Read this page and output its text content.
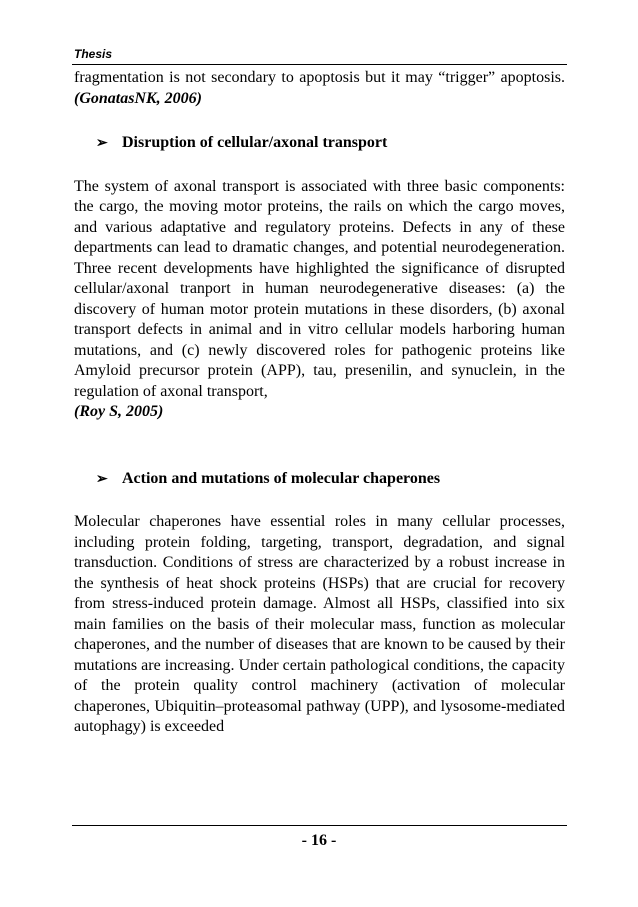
Thesis

fragmentation is not secondary to apoptosis but it may “trigger” apoptosis. (GonatasNK, 2006)

➢ Disruption of cellular/axonal transport

The system of axonal transport is associated with three basic components: the cargo, the moving motor proteins, the rails on which the cargo moves, and various adaptative and regulatory proteins. Defects in any of these departments can lead to dramatic changes, and potential neurodegeneration. Three recent developments have highlighted the significance of disrupted cellular/axonal tranport in human neurodegenerative diseases: (a) the discovery of human motor protein mutations in these disorders, (b) axonal transport defects in animal and in vitro cellular models harboring human mutations, and (c) newly discovered roles for pathogenic proteins like Amyloid precursor protein (APP), tau, presenilin, and synuclein, in the regulation of axonal transport,

(Roy S, 2005)

➢ Action and mutations of molecular chaperones

Molecular chaperones have essential roles in many cellular processes, including protein folding, targeting, transport, degradation, and signal transduction. Conditions of stress are characterized by a robust increase in the synthesis of heat shock proteins (HSPs) that are crucial for recovery from stress-induced protein damage. Almost all HSPs, classified into six main families on the basis of their molecular mass, function as molecular chaperones, and the number of diseases that are known to be caused by their mutations are increasing. Under certain pathological conditions, the capacity of the protein quality control machinery (activation of molecular chaperones, Ubiquitin–proteasomal pathway (UPP), and lysosome-mediated autophagy) is exceeded

- 16 -
